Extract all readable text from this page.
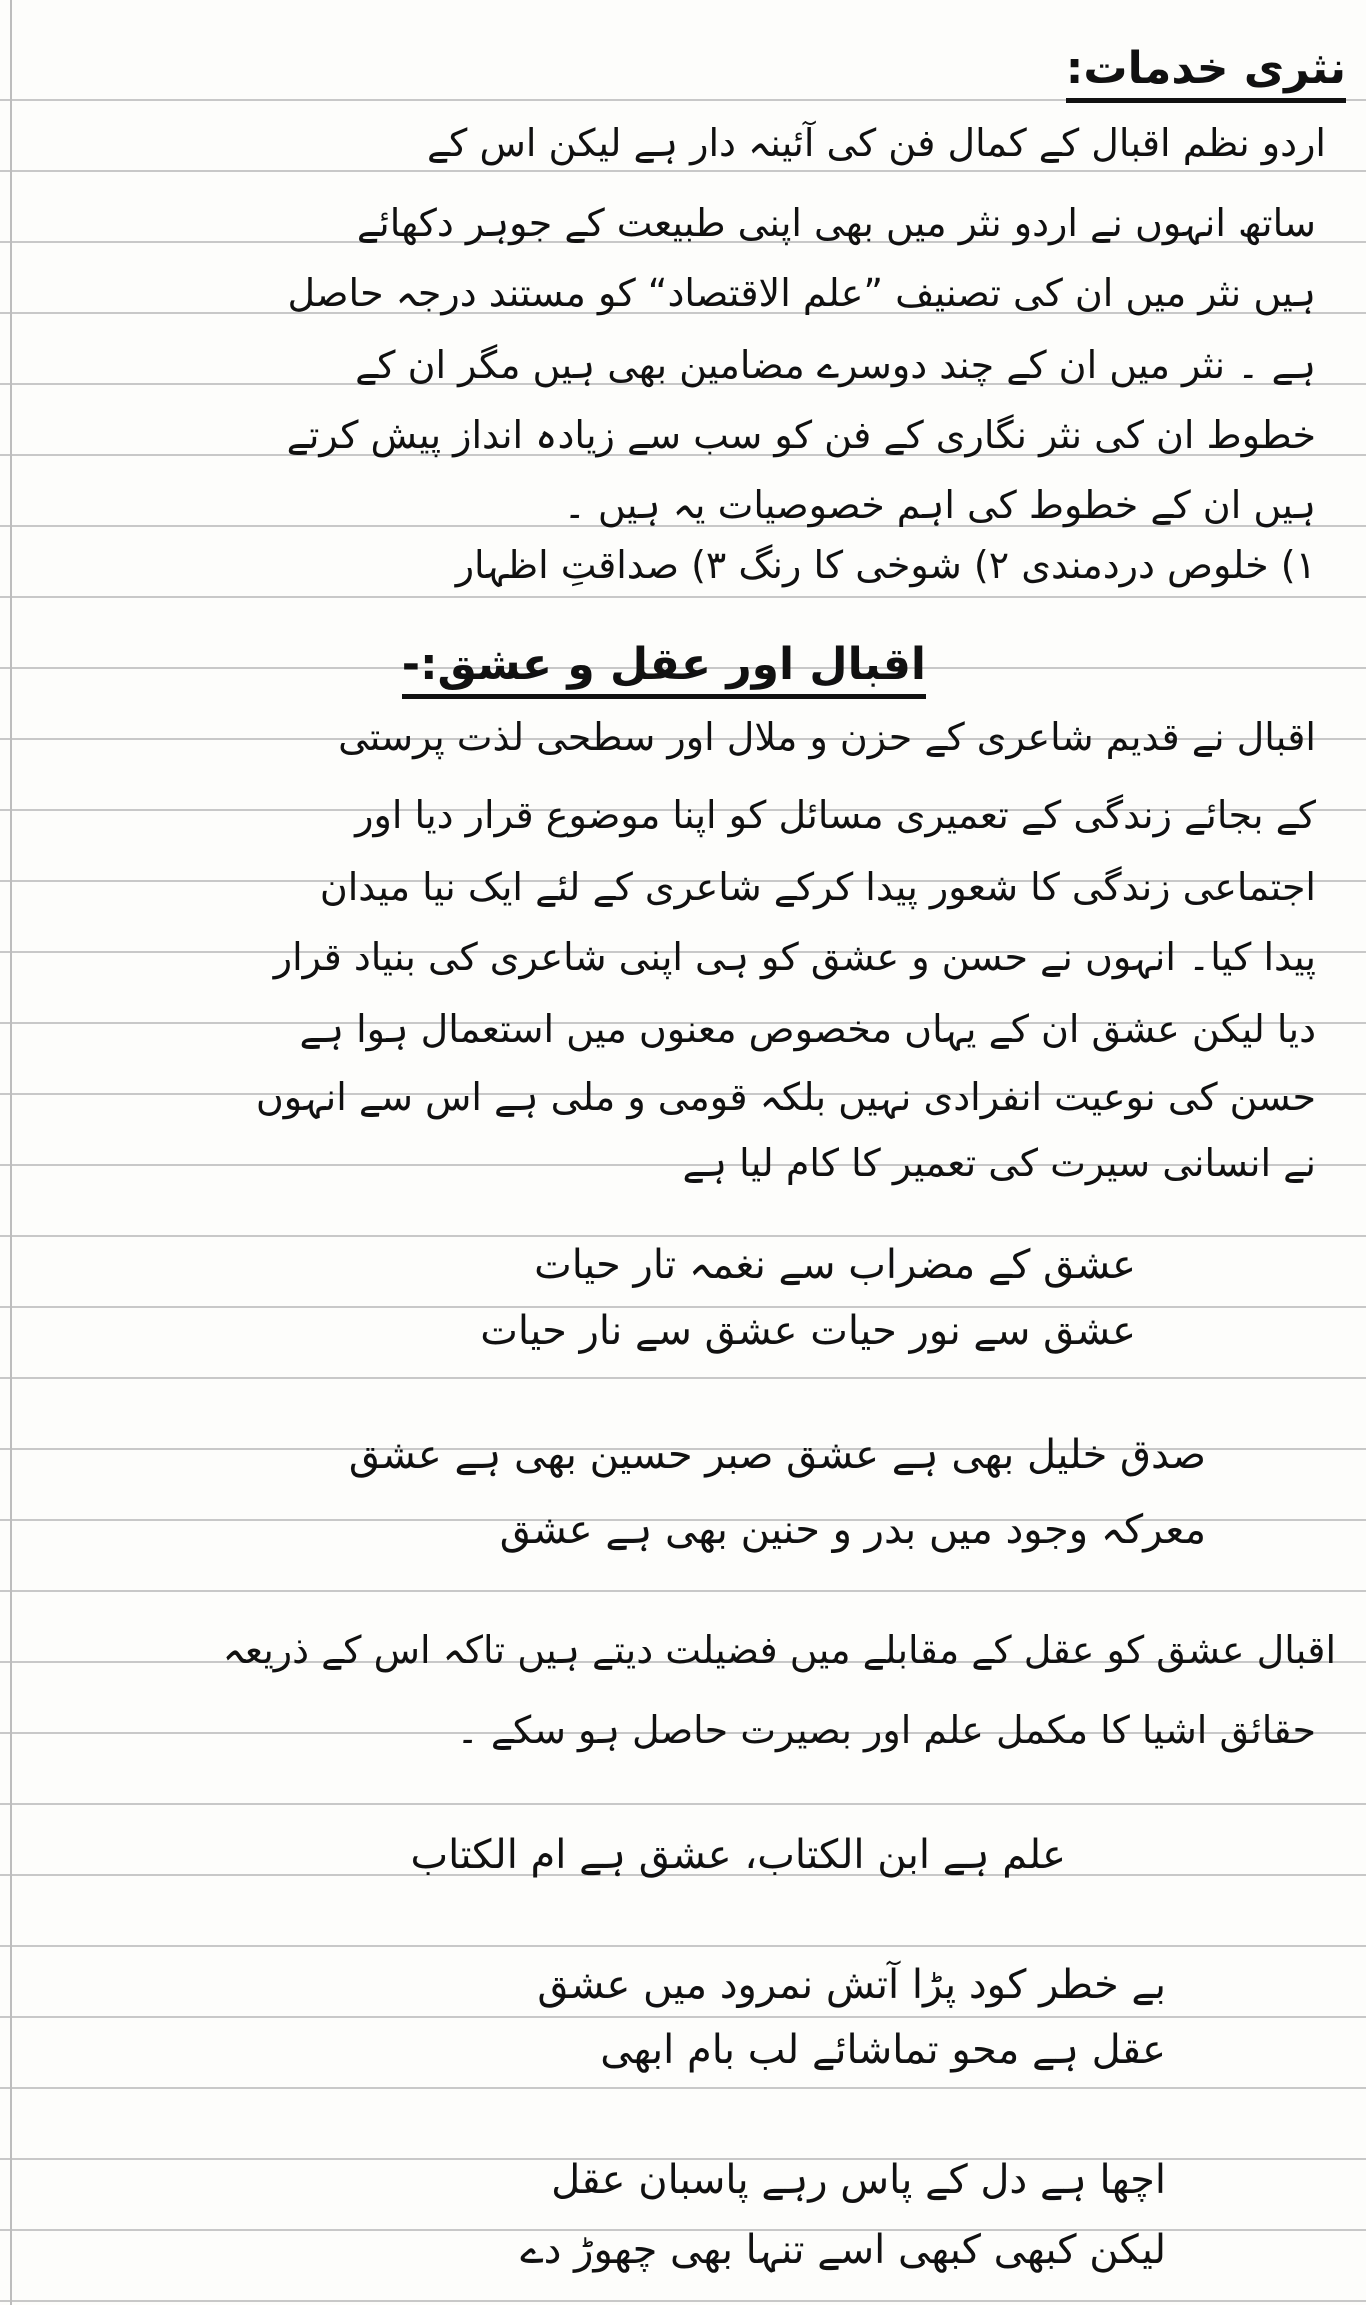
نثری خدمات:
اردو نظم اقبال کے کمال فن کی آئینہ دار ہے لیکن اس کے
ساتھ انہوں نے اردو نثر میں بھی اپنی طبیعت کے جوہر دکھائے
ہیں نثر میں ان کی تصنیف ”علم الاقتصاد“ کو مستند درجہ حاصل
ہے ۔ نثر میں ان کے چند دوسرے مضامین بھی ہیں مگر ان کے
خطوط ان کی نثر نگاری کے فن کو سب سے زیادہ انداز پیش کرتے
ہیں ان کے خطوط کی اہم خصوصیات یہ ہیں ۔
۱) خلوص دردمندی ۲) شوخی کا رنگ ۳) صداقتِ اظہار
اقبال اور عقل و عشق:-
اقبال نے قدیم شاعری کے حزن و ملال اور سطحی لذت پرستی
کے بجائے زندگی کے تعمیری مسائل کو اپنا موضوع قرار دیا اور
اجتماعی زندگی کا شعور پیدا کرکے شاعری کے لئے ایک نیا میدان
پیدا کیا۔ انہوں نے حسن و عشق کو ہی اپنی شاعری کی بنیاد قرار
دیا لیکن عشق ان کے یہاں مخصوص معنوں میں استعمال ہوا ہے
حسن کی نوعیت انفرادی نہیں بلکہ قومی و ملی ہے اس سے انہوں
نے انسانی سیرت کی تعمیر کا کام لیا ہے
عشق کے مضراب سے نغمہ تار حیات
عشق سے نور حیات عشق سے نار حیات
صدق خلیل بھی ہے عشق صبر حسین بھی ہے عشق
معرکہ وجود میں بدر و حنین بھی ہے عشق
اقبال عشق کو عقل کے مقابلے میں فضیلت دیتے ہیں تاکہ اس کے ذریعہ
حقائق اشیا کا مکمل علم اور بصیرت حاصل ہو سکے ۔
علم ہے ابن الکتاب، عشق ہے ام الکتاب
بے خطر کود پڑا آتش نمرود میں عشق
عقل ہے محو تماشائے لب بام ابھی
اچھا ہے دل کے پاس رہے پاسبان عقل
لیکن کبھی کبھی اسے تنہا بھی چھوڑ دے
